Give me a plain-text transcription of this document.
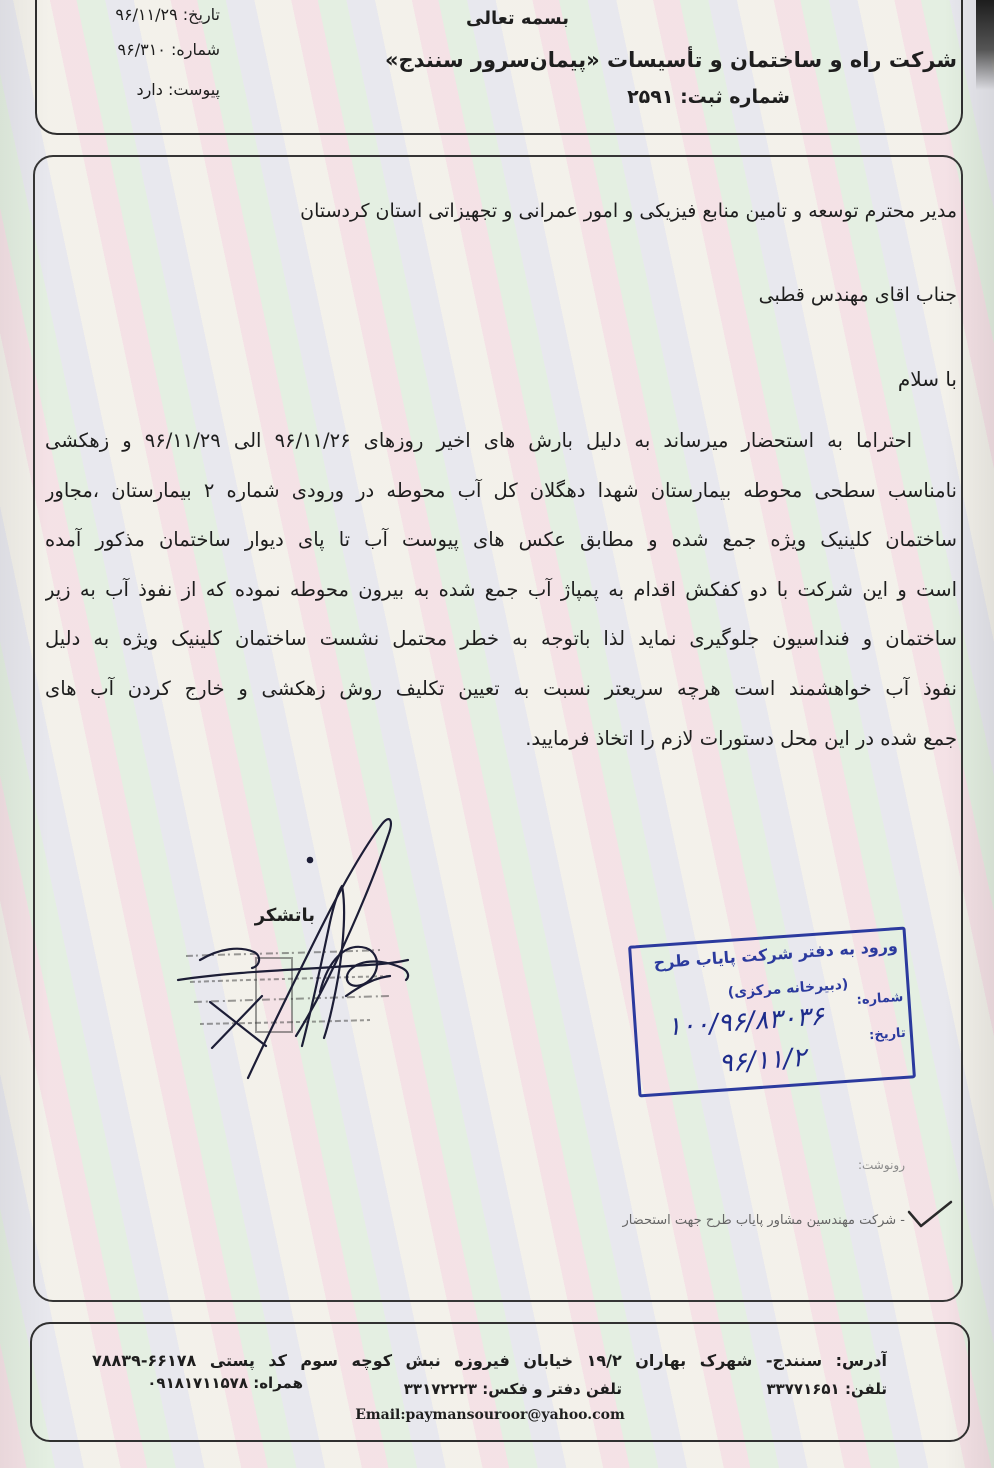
بسمه تعالی
شرکت راه و ساختمان و تأسیسات «پیمان‌سرور سنندج»
شماره ثبت: ۲۵۹۱
تاریخ: ۹۶/۱۱/۲۹
شماره: ۹۶/۳۱۰
پیوست: دارد
مدیر محترم توسعه و تامین منابع فیزیکی و امور عمرانی و تجهیزاتی استان کردستان
جناب اقای مهندس قطبی
با سلام
احتراما به استحضار میرساند به دلیل بارش های اخیر روزهای ۹۶/۱۱/۲۶ الی ۹۶/۱۱/۲۹ و زهکشی
نامناسب سطحی محوطه بیمارستان شهدا دهگلان کل آب محوطه در ورودی شماره ۲ بیمارستان ،مجاور
ساختمان کلینیک ویژه جمع شده و مطابق عکس های پیوست آب تا پای دیوار ساختمان مذکور آمده
است و این شرکت با دو کفکش اقدام به پمپاژ آب جمع شده به بیرون محوطه نموده که از نفوذ آب به زیر
ساختمان و فنداسیون جلوگیری نماید لذا باتوجه به خطر محتمل نشست ساختمان کلینیک ویژه به دلیل
نفوذ آب خواهشمند است هرچه سریعتر نسبت به تعیین تکلیف روش زهکشی و خارج کردن آب های
جمع شده در این محل دستورات لازم را اتخاذ فرمایید.
باتشکر
ورود به دفتر شرکت پایاب طرح
(دبیرخانه مرکزی) شماره:
۱۰۰/۹۶/۸۳۰۳۶	تاریخ:
۹۶/۱۱/۲
رونوشت:
- شرکت مهندسین مشاور پایاب طرح جهت استحضار
آدرس: سنندج- شهرک بهاران ۱۹/۲ خیابان فیروزه نبش کوچه سوم کد پستی ۶۶۱۷۸-۷۸۸۳۹
تلفن: ۳۳۷۷۱۶۵۱
تلفن دفتر و فکس: ۳۳۱۷۲۲۲۳
همراه: ۰۹۱۸۱۷۱۱۵۷۸
Email:paymansouroor@yahoo.com
